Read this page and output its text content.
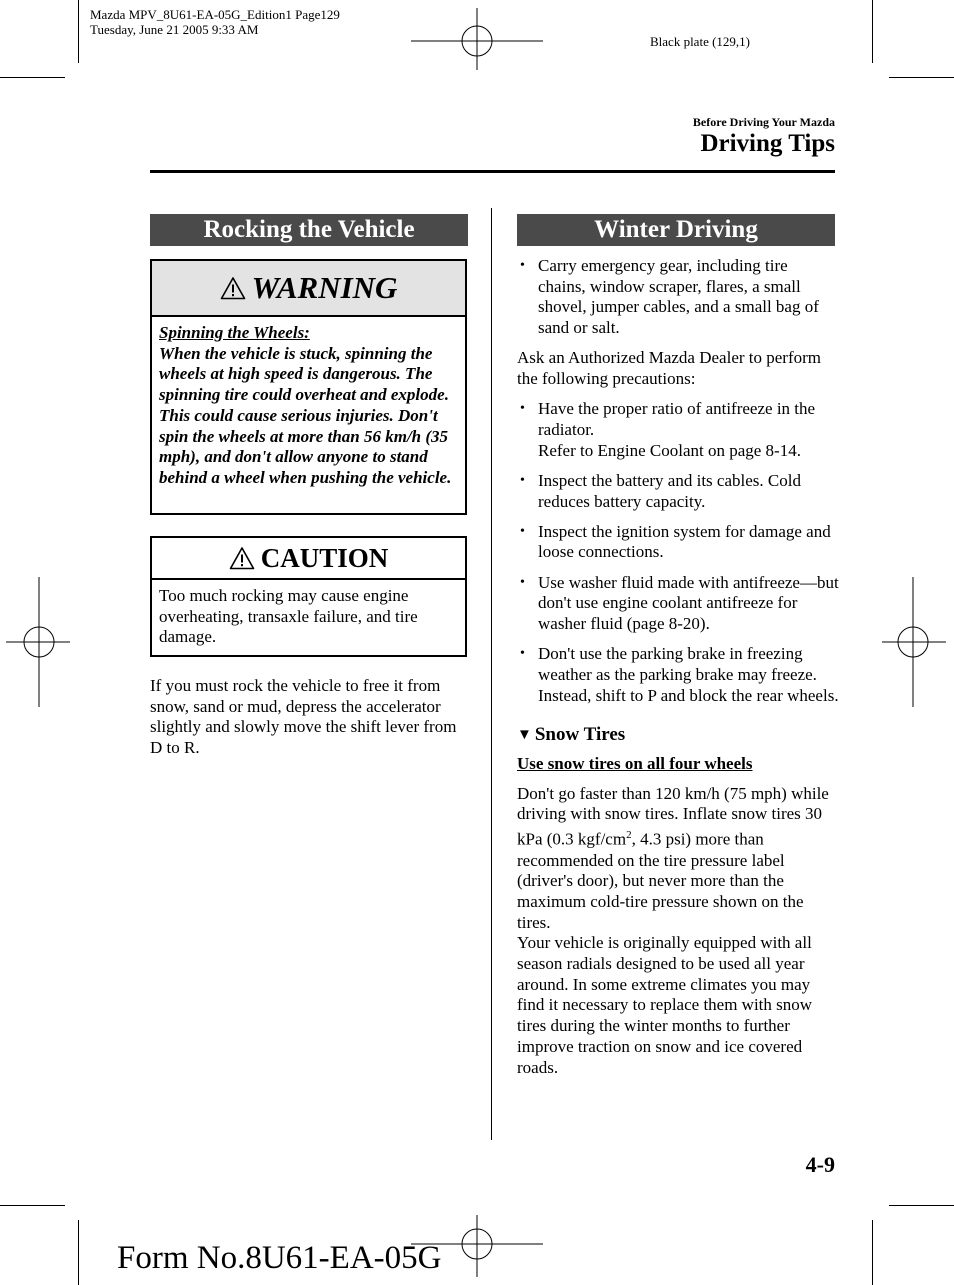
Mazda MPV_8U61-EA-05G_Edition1 Page129
Tuesday, June 21 2005 9:33 AM
Black plate (129,1)
Before Driving Your Mazda
Driving Tips
Rocking the Vehicle
WARNING
Spinning the Wheels:
When the vehicle is stuck, spinning the wheels at high speed is dangerous. The spinning tire could overheat and explode. This could cause serious injuries. Don't spin the wheels at more than 56 km/h (35 mph), and don't allow anyone to stand behind a wheel when pushing the vehicle.
CAUTION
Too much rocking may cause engine overheating, transaxle failure, and tire damage.
If you must rock the vehicle to free it from snow, sand or mud, depress the accelerator slightly and slowly move the shift lever from D to R.
Winter Driving
• Carry emergency gear, including tire chains, window scraper, flares, a small shovel, jumper cables, and a small bag of sand or salt.

Ask an Authorized Mazda Dealer to perform the following precautions:

• Have the proper ratio of antifreeze in the radiator.
Refer to Engine Coolant on page 8-14.
• Inspect the battery and its cables. Cold reduces battery capacity.
• Inspect the ignition system for damage and loose connections.
• Use washer fluid made with antifreeze―but don't use engine coolant antifreeze for washer fluid (page 8-20).
• Don't use the parking brake in freezing weather as the parking brake may freeze. Instead, shift to P and block the rear wheels.
▼ Snow Tires
Use snow tires on all four wheels

Don't go faster than 120 km/h (75 mph) while driving with snow tires. Inflate snow tires 30 kPa (0.3 kgf/$cm^2$, 4.3 psi) more than recommended on the tire pressure label (driver's door), but never more than the maximum cold-tire pressure shown on the tires.

Your vehicle is originally equipped with all season radials designed to be used all year around. In some extreme climates you may find it necessary to replace them with snow tires during the winter months to further improve traction on snow and ice covered roads.

4-9
Form No.8U61-EA-05G
